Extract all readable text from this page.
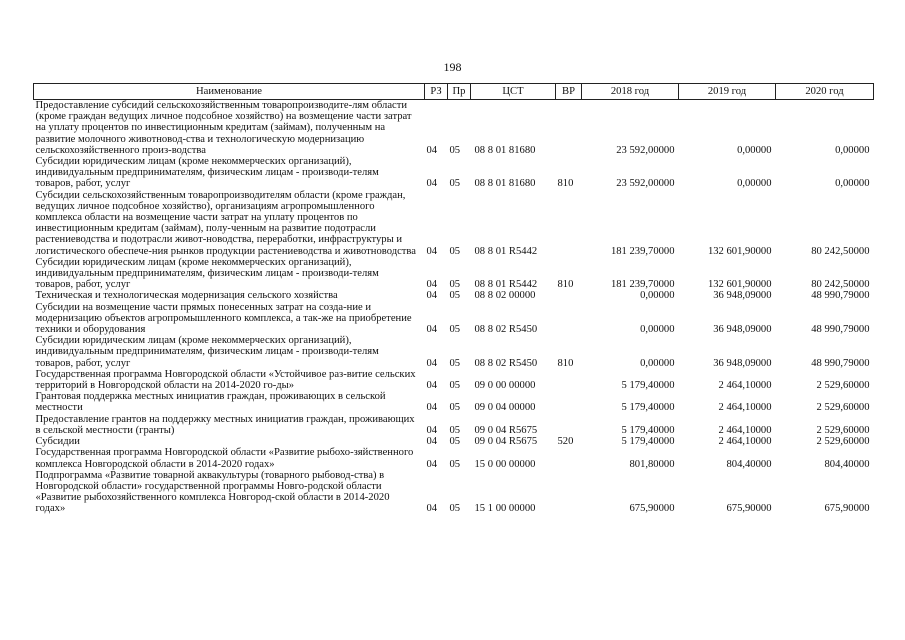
198
Наименование	РЗ	Пр	ЦСТ	ВР	2018 год	2019 год	2020 год
Предоставление субсидий сельскохозяйственным товаропроизводите-лям области (кроме граждан ведущих личное подсобное хозяйство) на возмещение части затрат на уплату процентов по инвестиционным кредитам (займам), полученным на развитие молочного животновод-ства и технологическую модернизацию сельскохозяйственного произ-водства	04	05	08 8 01 81680		23 592,00000	0,00000	0,00000
Субсидии юридическим лицам (кроме некоммерческих организаций), индивидуальным предпринимателям, физическим лицам - производи-телям товаров, работ, услуг	04	05	08 8 01 81680	810	23 592,00000	0,00000	0,00000
Субсидии сельскохозяйственным товаропроизводителям области (кроме граждан, ведущих личное подсобное хозяйство), организациям агропромышленного комплекса области на возмещение части затрат на уплату процентов по инвестиционным кредитам (займам), полу-ченным на развитие подотрасли растениеводства и подотрасли живот-новодства, переработки, инфраструктуры и логистического обеспече-ния рынков продукции растениеводства и животноводства	04	05	08 8 01 R5442		181 239,70000	132 601,90000	80 242,50000
Субсидии юридическим лицам (кроме некоммерческих организаций), индивидуальным предпринимателям, физическим лицам - производи-телям товаров, работ, услуг	04	05	08 8 01 R5442	810	181 239,70000	132 601,90000	80 242,50000
Техническая и технологическая модернизация сельского хозяйства	04	05	08 8 02 00000		0,00000	36 948,09000	48 990,79000
Субсидии на возмещение части прямых понесенных затрат на созда-ние и модернизацию объектов агропромышленного комплекса, а так-же на приобретение техники и оборудования	04	05	08 8 02 R5450		0,00000	36 948,09000	48 990,79000
Субсидии юридическим лицам (кроме некоммерческих организаций), индивидуальным предпринимателям, физическим лицам - производи-телям товаров, работ, услуг	04	05	08 8 02 R5450	810	0,00000	36 948,09000	48 990,79000
Государственная программа Новгородской области «Устойчивое раз-витие сельских территорий в Новгородской области на 2014-2020 го-ды»	04	05	09 0 00 00000		5 179,40000	2 464,10000	2 529,60000
Грантовая поддержка местных инициатив граждан, проживающих в сельской местности	04	05	09 0 04 00000		5 179,40000	2 464,10000	2 529,60000
Предоставление грантов на поддержку местных инициатив граждан, проживающих в сельской местности (гранты)	04	05	09 0 04 R5675		5 179,40000	2 464,10000	2 529,60000
Субсидии	04	05	09 0 04 R5675	520	5 179,40000	2 464,10000	2 529,60000
Государственная программа Новгородской области «Развитие рыбохо-зяйственного комплекса Новгородской области в 2014-2020 годах»	04	05	15 0 00 00000		801,80000	804,40000	804,40000
Подпрограмма «Развитие товарной аквакультуры (товарного рыбовод-ства) в Новгородской области» государственной программы Новго-родской области «Развитие рыбохозяйственного комплекса Новгород-ской области в 2014-2020 годах»	04	05	15 1 00 00000		675,90000	675,90000	675,90000
